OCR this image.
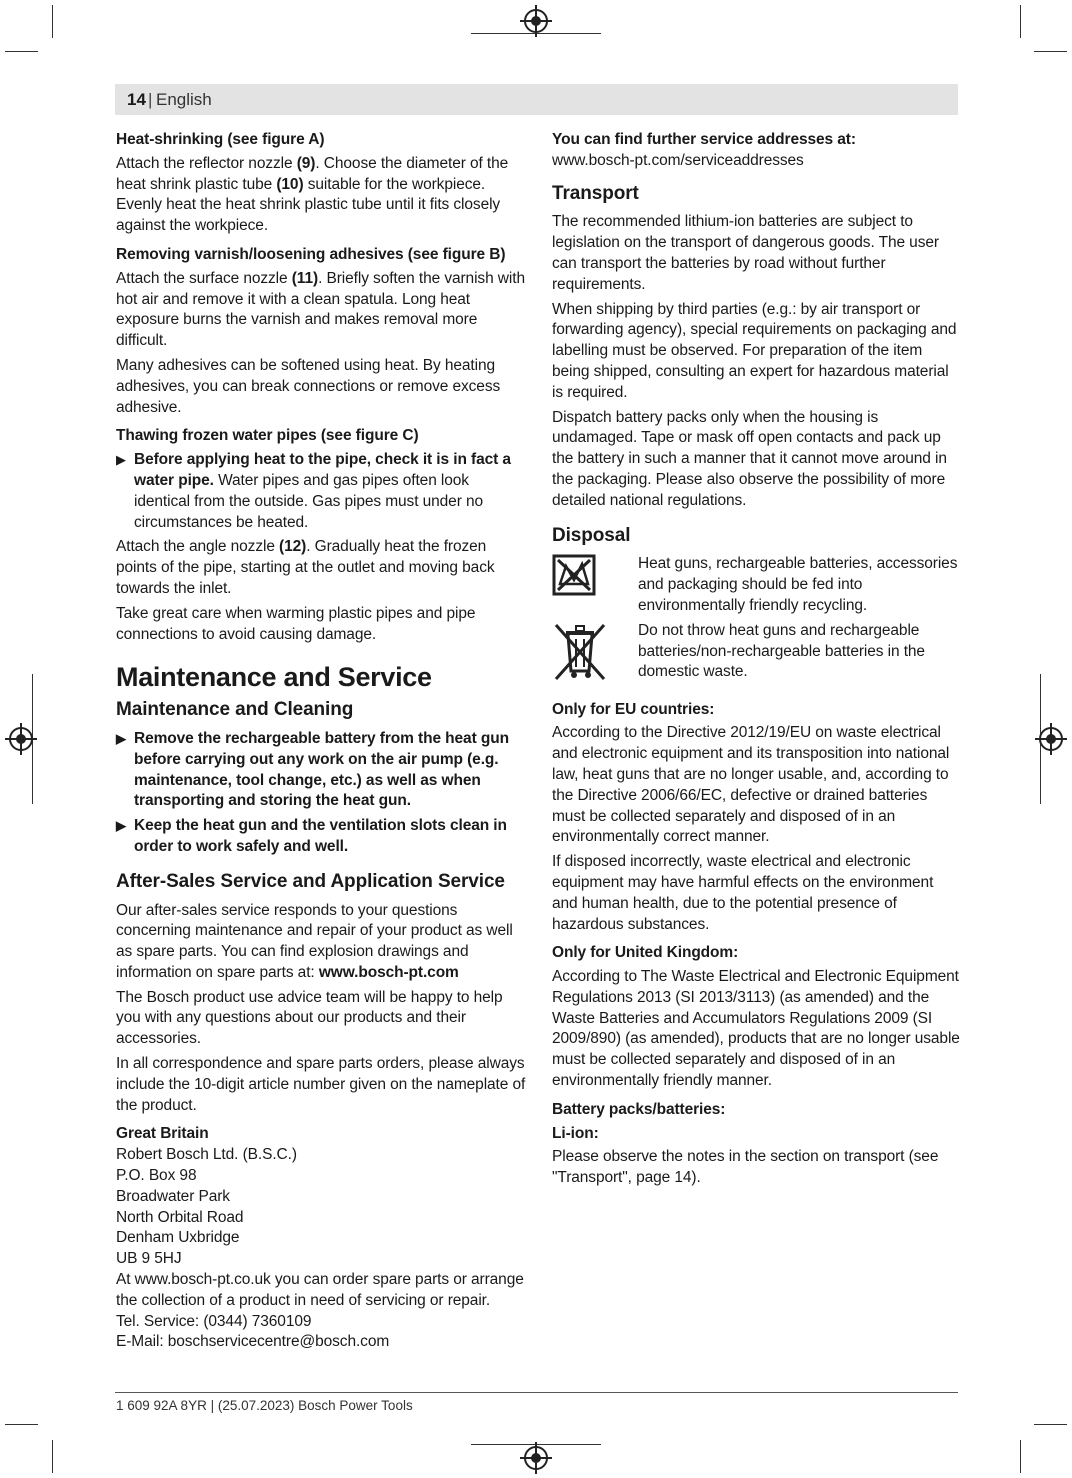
14 | English

Heat-shrinking (see figure A)

Attach the reflector nozzle (9). Choose the diameter of the heat shrink plastic tube (10) suitable for the workpiece. Evenly heat the heat shrink plastic tube until it fits closely against the workpiece.

Removing varnish/loosening adhesives (see figure B)

Attach the surface nozzle (11). Briefly soften the varnish with hot air and remove it with a clean spatula. Long heat exposure burns the varnish and makes removal more difficult.

Many adhesives can be softened using heat. By heating adhesives, you can break connections or remove excess adhesive.

Thawing frozen water pipes (see figure C)

▶ Before applying heat to the pipe, check it is in fact a water pipe. Water pipes and gas pipes often look identical from the outside. Gas pipes must under no circumstances be heated.

Attach the angle nozzle (12). Gradually heat the frozen points of the pipe, starting at the outlet and moving back towards the inlet.

Take great care when warming plastic pipes and pipe connections to avoid causing damage.

Maintenance and Service
Maintenance and Cleaning
▶ Remove the rechargeable battery from the heat gun before carrying out any work on the air pump (e.g. maintenance, tool change, etc.) as well as when transporting and storing the heat gun.
▶ Keep the heat gun and the ventilation slots clean in order to work safely and well.
After-Sales Service and Application Service

Our after-sales service responds to your questions concerning maintenance and repair of your product as well as spare parts. You can find explosion drawings and information on spare parts at: www.bosch-pt.com

The Bosch product use advice team will be happy to help you with any questions about our products and their accessories.

In all correspondence and spare parts orders, please always include the 10-digit article number given on the nameplate of the product.

Great Britain

Robert Bosch Ltd. (B.S.C.)

P.O. Box 98

Broadwater Park

North Orbital Road

Denham Uxbridge

UB 9 5HJ

At www.bosch-pt.co.uk you can order spare parts or arrange the collection of a product in need of servicing or repair.

Tel. Service: (0344) 7360109

E-Mail: boschservicecentre@bosch.com

You can find further service addresses at:

www.bosch-pt.com/serviceaddresses

Transport

The recommended lithium-ion batteries are subject to legislation on the transport of dangerous goods. The user can transport the batteries by road without further requirements.

When shipping by third parties (e.g.: by air transport or forwarding agency), special requirements on packaging and labelling must be observed. For preparation of the item being shipped, consulting an expert for hazardous material is required.

Dispatch battery packs only when the housing is undamaged. Tape or mask off open contacts and pack up the battery in such a manner that it cannot move around in the packaging. Please also observe the possibility of more detailed national regulations.

Disposal
Heat guns, rechargeable batteries, accessories and packaging should be fed into environmentally friendly recycling.
Do not throw heat guns and rechargeable batteries/non-rechargeable batteries in the domestic waste.

Only for EU countries:

According to the Directive 2012/19/EU on waste electrical and electronic equipment and its transposition into national law, heat guns that are no longer usable, and, according to the Directive 2006/66/EC, defective or drained batteries must be collected separately and disposed of in an environmentally correct manner.

If disposed incorrectly, waste electrical and electronic equipment may have harmful effects on the environment and human health, due to the potential presence of hazardous substances.

Only for United Kingdom:

According to The Waste Electrical and Electronic Equipment Regulations 2013 (SI 2013/3113) (as amended) and the Waste Batteries and Accumulators Regulations 2009 (SI 2009/890) (as amended), products that are no longer usable must be collected separately and disposed of in an environmentally friendly manner.

Battery packs/batteries:

Li-ion:

Please observe the notes in the section on transport (see "Transport", page 14).

1 609 92A 8YR | (25.07.2023) Bosch Power Tools
